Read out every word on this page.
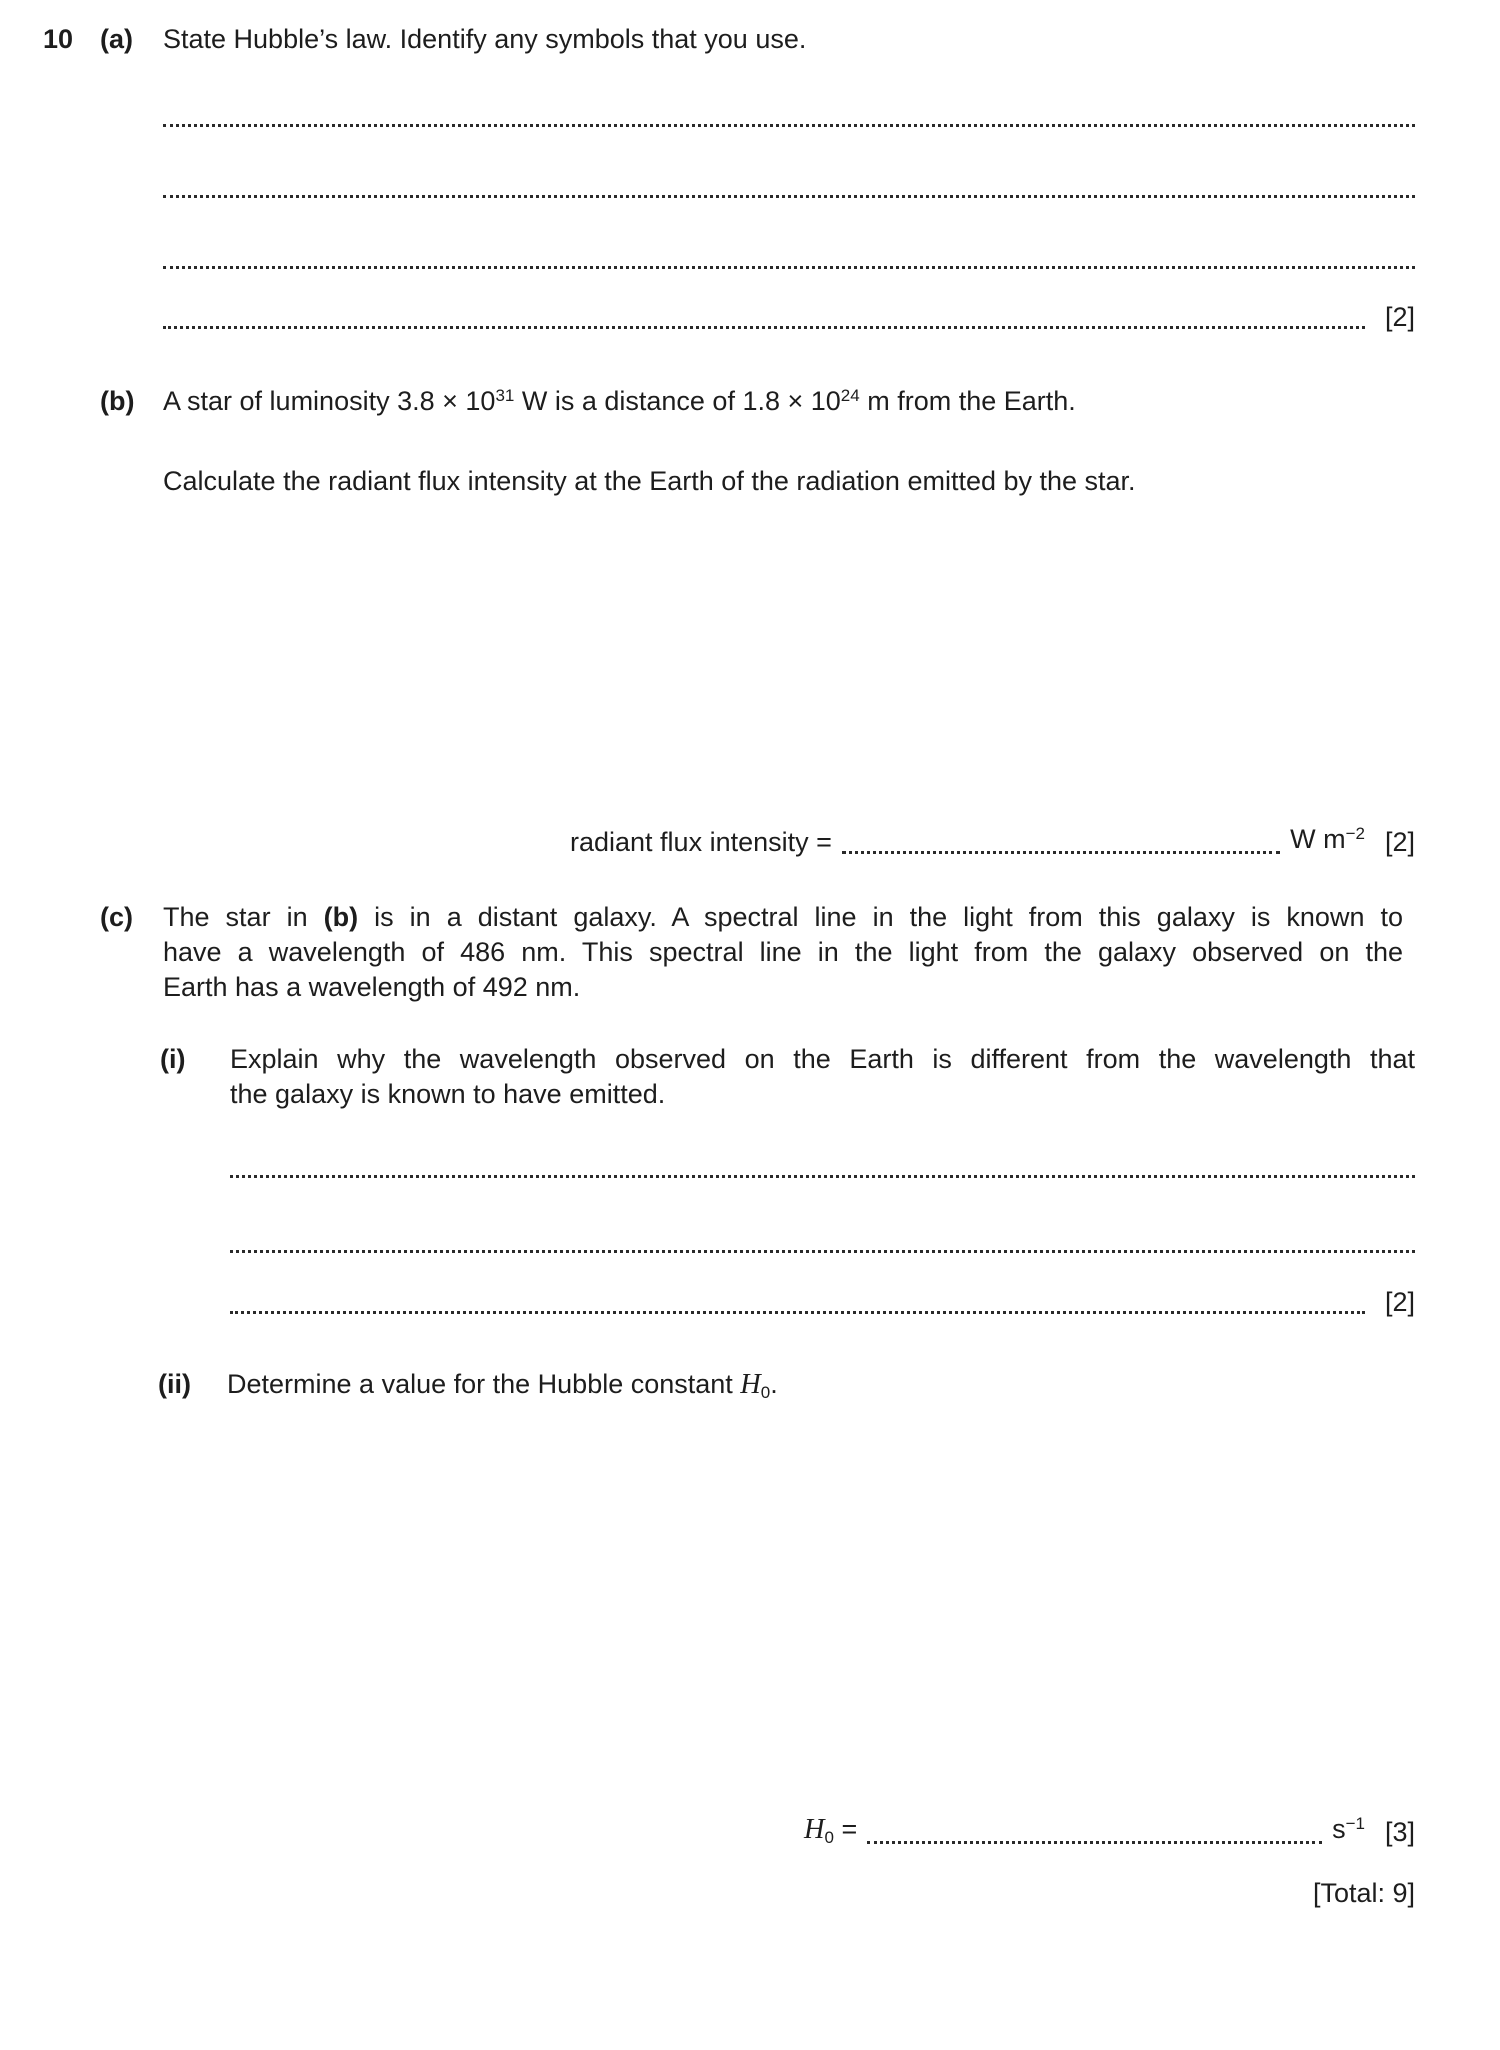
10 (a) State Hubble’s law. Identify any symbols that you use.
[2]
(b) A star of luminosity $3.8 \times 10^{31}$ W is a distance of $1.8 \times 10^{24}$ m from the Earth.
Calculate the radiant flux intensity at the Earth of the radiation emitted by the star.
radiant flux intensity =	W $m^{-2}$ [2]
(c) The star in (b) is in a distant galaxy. A spectral line in the light from this galaxy is known to
have a wavelength of 486 nm. This spectral line in the light from the galaxy observed on the
Earth has a wavelength of 492 nm.
(i) Explain why the wavelength observed on the Earth is different from the wavelength that
the galaxy is known to have emitted.
[2]
(ii) Determine a value for the Hubble constant H0.
H0 =	$s^{-1}$ [3]
[Total: 9]
